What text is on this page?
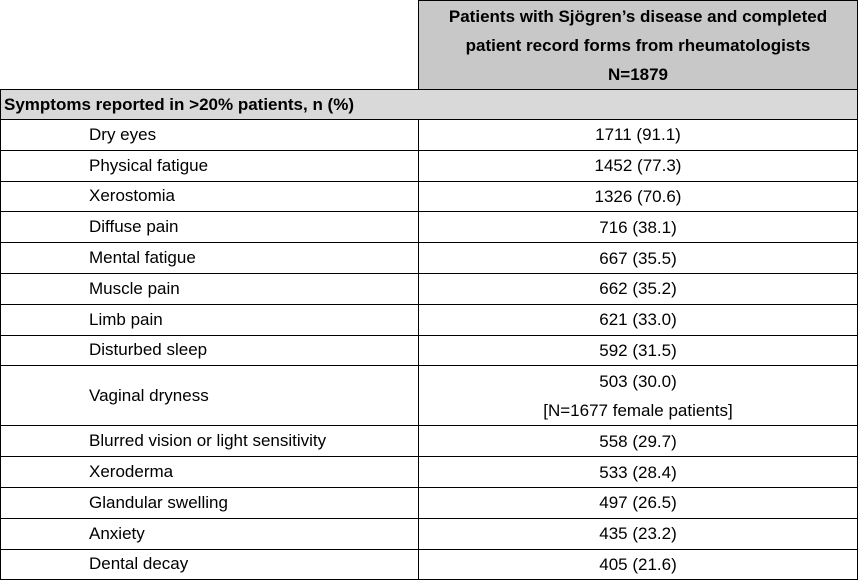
	Patients with Sjögren’s disease and completed
patient record forms from rheumatologists
N=1879

Symptoms reported in >20% patients, n (%)	
Dry eyes	1711 (91.1)
Physical fatigue	1452 (77.3)
Xerostomia	1326 (70.6)
Diffuse pain	716 (38.1)
Mental fatigue	667 (35.5)
Muscle pain	662 (35.2)
Limb pain	621 (33.0)
Disturbed sleep	592 (31.5)
Vaginal dryness	503 (30.0)
[N=1677 female patients]

Blurred vision or light sensitivity	558 (29.7)
Xeroderma	533 (28.4)
Glandular swelling	497 (26.5)
Anxiety	435 (23.2)
Dental decay	405 (21.6)
